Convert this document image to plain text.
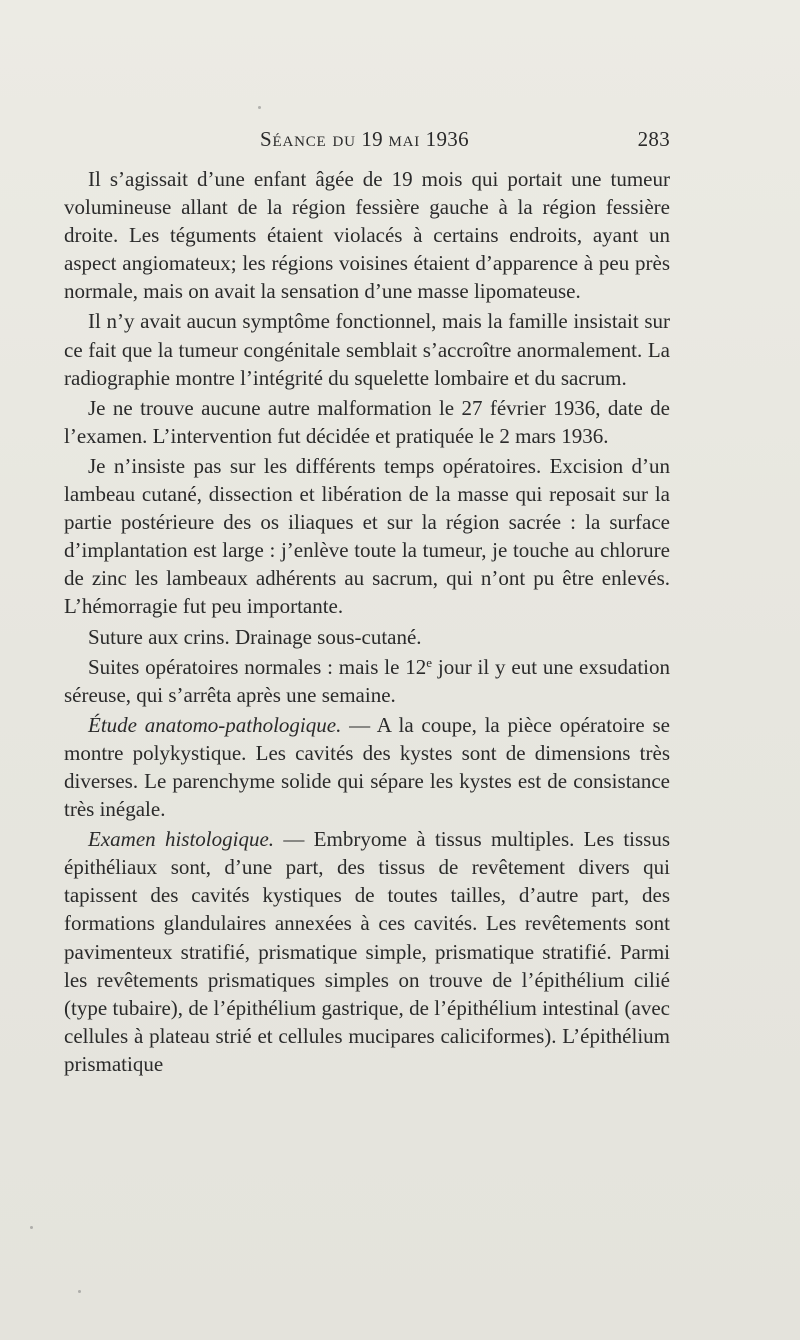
Séance du 19 mai 1936	283

Il s’agissait d’une enfant âgée de 19 mois qui portait une tumeur volumineuse allant de la région fessière gauche à la région fessière droite. Les téguments étaient violacés à certains endroits, ayant un aspect angiomateux; les régions voisines étaient d’apparence à peu près normale, mais on avait la sensation d’une masse lipomateuse.

Il n’y avait aucun symptôme fonctionnel, mais la famille insistait sur ce fait que la tumeur congénitale semblait s’accroître anormalement. La radiographie montre l’intégrité du squelette lombaire et du sacrum.

Je ne trouve aucune autre malformation le 27 février 1936, date de l’examen. L’intervention fut décidée et pratiquée le 2 mars 1936.

Je n’insiste pas sur les différents temps opératoires. Excision d’un lambeau cutané, dissection et libération de la masse qui reposait sur la partie postérieure des os iliaques et sur la région sacrée : la surface d’implantation est large : j’enlève toute la tumeur, je touche au chlorure de zinc les lambeaux adhérents au sacrum, qui n’ont pu être enlevés. L’hémorragie fut peu importante.

Suture aux crins. Drainage sous-cutané.

Suites opératoires normales : mais le 12e jour il y eut une exsudation séreuse, qui s’arrêta après une semaine.

Étude anatomo-pathologique. — A la coupe, la pièce opératoire se montre polykystique. Les cavités des kystes sont de dimensions très diverses. Le parenchyme solide qui sépare les kystes est de consistance très inégale.

Examen histologique. — Embryome à tissus multiples. Les tissus épithéliaux sont, d’une part, des tissus de revêtement divers qui tapissent des cavités kystiques de toutes tailles, d’autre part, des formations glandulaires annexées à ces cavités. Les revêtements sont pavimenteux stratifié, prismatique simple, prismatique stratifié. Parmi les revêtements prismatiques simples on trouve de l’épithélium cilié (type tubaire), de l’épithélium gastrique, de l’épithélium intestinal (avec cellules à plateau strié et cellules mucipares caliciformes). L’épithélium prismatique
